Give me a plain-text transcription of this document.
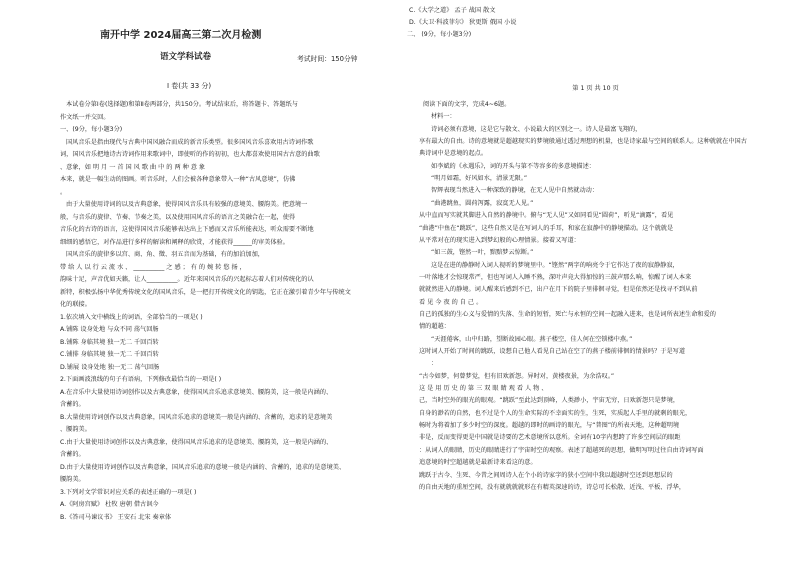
南开中学 2024届高三第二次月检测
语文学科试卷	考试时间：150分钟
Ⅰ 卷(共 33 分)
本试卷分第Ⅰ卷(选择题)和第Ⅱ卷两部分，共150分。考试结束后，将答题卡、答题纸与
作文纸一并交回。
一、(9分，每小题3分)
国风音乐是指由现代与古典中国风融合而成的新音乐类型。很多国风音乐喜欢用古诗词作歌
词，国风音乐把地诗古诗词作用来歌词中，即使听的作的初初，也大都喜欢使用国古古意的曲歌
、意象，如 明 月 一 首 国 风 歌 曲 中 的 两 种 意 象
本来，就是一幅生动的图画。听音乐时，人们会被各种意象带入一种“古风意境”，仿佛
。
由于大量使用诗词的以及古典意象，使得国风音乐具有较强的意境美、腰韵美。把意境一
般，与音乐的旋律、节奏、节奏之美，以及使用国风音乐的语言之美融合在一起，使得
音乐化的古诗的语言，这使得国风音乐能够表达出上下感而又音乐所能表达，听众需要不断地
细细的感悟它，对作品进行多样的解读和阐释的欣赏，才能获得______的审美体验。
国风音乐的旋律多以宫、商、角、徵、羽五音而为基础，有的加泊加加，
带 给 人 以 行 云 流 水 、 __________ 之 感 ； 有 的 婉 转 悠 扬 ，
韵味十足，声音优如天籁，让人__________。近年来国风音乐的兴起标志着人们对传统化的认
新特，积极弘扬中华优秀传统文化的国风音乐，是一把打开传统文化的钥匙，它正在激引着青少年与传统文
化的联接。
1.依次填入文中横线上的词语，全部恰当的一项是( )
A.铺陈 设身处地 与众不同 荡气回肠
B.铺陈 身临其境 独一无二 千回百转
C.铺排 身临其境 独一无二 千回百转
D.铺展 设身处地 独一无二 荡气回肠
2.下面画波浪线的句子有语病，下列修改最恰当的一项是( )
A.在音乐中大量使用诗词创作以及古典意象，使得国风音乐追求意境美、腰韵美，这一般是内涵的、
含蓄的。
B.大量使用诗词创作以及古典意象，国风音乐追求的意境美一般是内涵的、含蓄的，追求的是意境美
、腰韵美。
C.由于大量使用诗词创作以及古典意象，使得国风音乐追求的是意境美、腰韵美，这一般是内涵的、
含蓄的。
D.由于大量使用诗词创作以及古典意象，国风音乐追求的意境一般是内涵的、含蓄的，追求的是意境美、
腰韵美。
3.下列对文学常识对应关系的表述正确的一项是( )
A.《阿房宫赋》 杜牧 唐朝 借古讽今
B.《答司马谏议书》 王安石 北宋 奏章体
C.《大学之道》 孟子 战国 散文
D.《大卫·科波菲尔》 狄更斯 俄国 小说
二、 (9分，每小题3分)
第 1 页 共 10 页
阅读下面的文字，完成4~6题。
材料一：
诗词必须有意境，这是它与散文、小说最大的区别之一。诗人是最富飞翔的，
享有最大的自由。诗的意境就是超越现实的梦境般通过透过理想的机量，也是诗家最与空间的联系人。这种就就在中国古
典诗词中是意境的起点。
如李斌的《永遇乐》，词的开头与第不等容多的多意境描述：
“明月如霜，好风如水，清景无限。”
智辉表现当然进入一种深致的静境，在无人见中自然就动动：
“曲港跳鱼，圆荷泻露，寂寞无人见。”
从中直而写实就其脚进入自然的静境中。俯与“无人见”又如同看见“圆荷”，听见“滴露”，看见
“曲港”中鱼在“跳跃”，这些自然又是在写词人的手耳，和家在寂静中的静境描动。这个就就是
从平常对在的现实进入到梦幻般的心理情景。接着又写道：
“如三鼓，铿然一叶，黯黯梦云惊断。”
这是在进的静静时入词人视听的梦境里中。“铿然”两字的响亮令于它作达了夜的寂静静寂，
一叶落地才会惊现常严，但也写词人入睡不熟，深叶声竟大得加惊的三鼓声那么响，惊醒了词人本来
就就然进入的静境。词人醒来后感到不已，出户在月下的院子里徘徊寻觉，但是依然还是找寻不到从前
看 见 今 夜 的 自 己 。
自己的孤独的生心义与爱情的失落、生命的短暂，死亡与永恒的空间一起融入进来，也是词所表述生命和爱的
情的超越：
“天涯倦客，山中归路，望断故园心眼。燕子楼空，佳人何在空锁楼中燕。”
这时词人开始了时间的跳跃，设想自己他人看见自己站在空了的燕子楼前徘徊的情景吗？于是写道
：
“古今如梦，何曾梦觉，但有旧欢新怨。异时对，黄楼夜景，为余浩叹。”
这 是 用 历 史 的 第 三 双 眼 睛 观 看 人 物 、
己，当时空外的眼光的眼观。“跳跃”至此达到顶峰，人类渺小，宇宙无穷，日欢新怨只是梦境，
自身的渺若的自然，也不过是个人的生命实际的不幸面实的生，生死，实质起人手里的就剩的眼光，
畅时为将着加了多少时空的深度。超越的即时的画诗的眼光，与“普图”的所表天地，这种超明境
非是，反而变得更是中国就是诗要的艺术意境所以意所。全词有10字内想跨了许多空间层的眼距
：从词人的眼睛，历史的眼睛进行了宇宙时空的观察。表述了超越死的思想，做明写明过往自由诗词写面
追意境的时空超越就是最新诗来看这的意。
跳跃于古今、生死、今昔之间周诗人在个小的诗家字的狭小空间中我以超越时空还到思想层的
的自由天地的重厘空间，没有就就就就形在有精英深速的诗，诗总可长松散、近浅、平板、浮华，
